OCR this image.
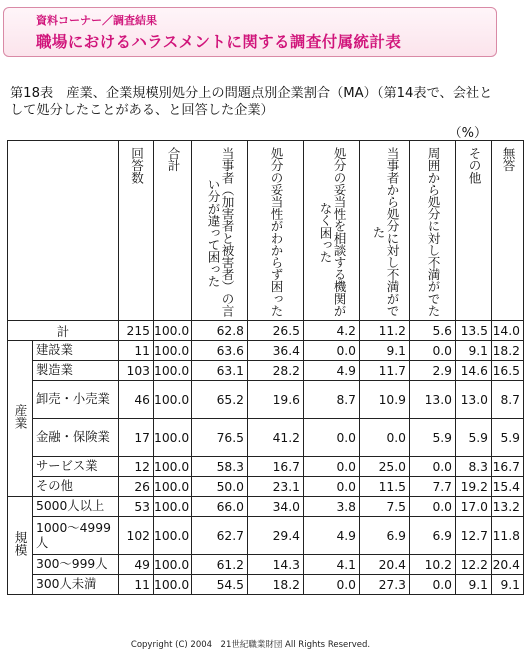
資料コーナー／調査結果
職場におけるハラスメントに関する調査付属統計表
第18表　産業、企業規模別処分上の問題点別企業割合（MA）（第14表で、会社として処分したことがある、と回答した企業）
（%）
		回答数	合計	当事者（加害者と被害者）の言い分が違って困った	処分の妥当性がわからず困った	処分の妥当性を相談する機関がなく困った	当事者から処分に対し不満がでた	周囲から処分に対し不満がでた	その他	無答
計		215	100.0	62.8	26.5	4.2	11.2	5.6	13.5	14.0
産業	建設業	11	100.0	63.6	36.4	0.0	9.1	0.0	9.1	18.2
	製造業	103	100.0	63.1	28.2	4.9	11.7	2.9	14.6	16.5
	卸売・小売業	46	100.0	65.2	19.6	8.7	10.9	13.0	13.0	8.7
	金融・保険業	17	100.0	76.5	41.2	0.0	0.0	5.9	5.9	5.9
	サービス業	12	100.0	58.3	16.7	0.0	25.0	0.0	8.3	16.7
	その他	26	100.0	50.0	23.1	0.0	11.5	7.7	19.2	15.4
規模	5000人以上	53	100.0	66.0	34.0	3.8	7.5	0.0	17.0	13.2
	1000～4999人	102	100.0	62.7	29.4	4.9	6.9	6.9	12.7	11.8
	300～999人	49	100.0	61.2	14.3	4.1	20.4	10.2	12.2	20.4
	300人未満	11	100.0	54.5	18.2	0.0	27.3	0.0	9.1	9.1
Copyright (C) 2004　21世紀職業財団 All Rights Reserved.
